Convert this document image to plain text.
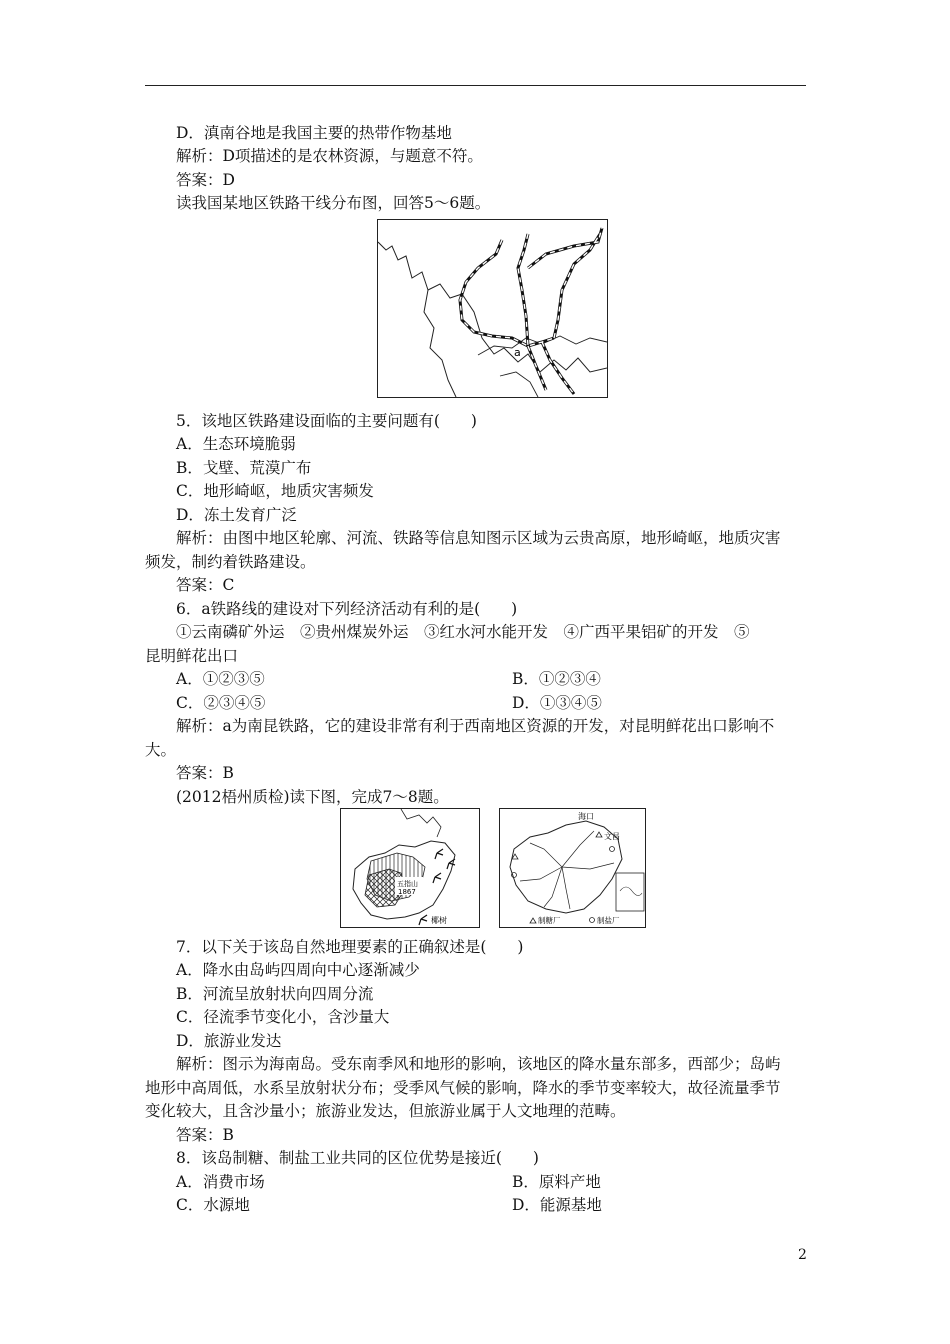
D．滇南谷地是我国主要的热带作物基地
解析：D项描述的是农林资源，与题意不符。
答案：D
读我国某地区铁路干线分布图，回答5～6题。
a
5．该地区铁路建设面临的主要问题有(　　)
A．生态环境脆弱
B．戈壁、荒漠广布
C．地形崎岖，地质灾害频发
D．冻土发育广泛
解析：由图中地区轮廓、河流、铁路等信息知图示区域为云贵高原，地形崎岖，地质灾害
频发，制约着铁路建设。
答案：C
6．a铁路线的建设对下列经济活动有利的是(　　)
①云南磷矿外运　②贵州煤炭外运　③红水河水能开发　④广西平果铝矿的开发　⑤
昆明鲜花出口
A．①②③⑤	B．①②③④
C．②③④⑤	D．①③④⑤
解析：a为南昆铁路，它的建设非常有利于西南地区资源的开发，对昆明鲜花出口影响不
大。
答案：B
(2012梧州质检)读下图，完成7～8题。
五指山
1867
椰树
海口
文昌
制糖厂	制盐厂
7．以下关于该岛自然地理要素的正确叙述是(　　)
A．降水由岛屿四周向中心逐渐减少
B．河流呈放射状向四周分流
C．径流季节变化小，含沙量大
D．旅游业发达
解析：图示为海南岛。受东南季风和地形的影响，该地区的降水量东部多，西部少；岛屿
地形中高周低，水系呈放射状分布；受季风气候的影响，降水的季节变率较大，故径流量季节
变化较大，且含沙量小；旅游业发达，但旅游业属于人文地理的范畴。
答案：B
8．该岛制糖、制盐工业共同的区位优势是接近(　　)
A．消费市场	B．原料产地
C．水源地	D．能源基地
2
